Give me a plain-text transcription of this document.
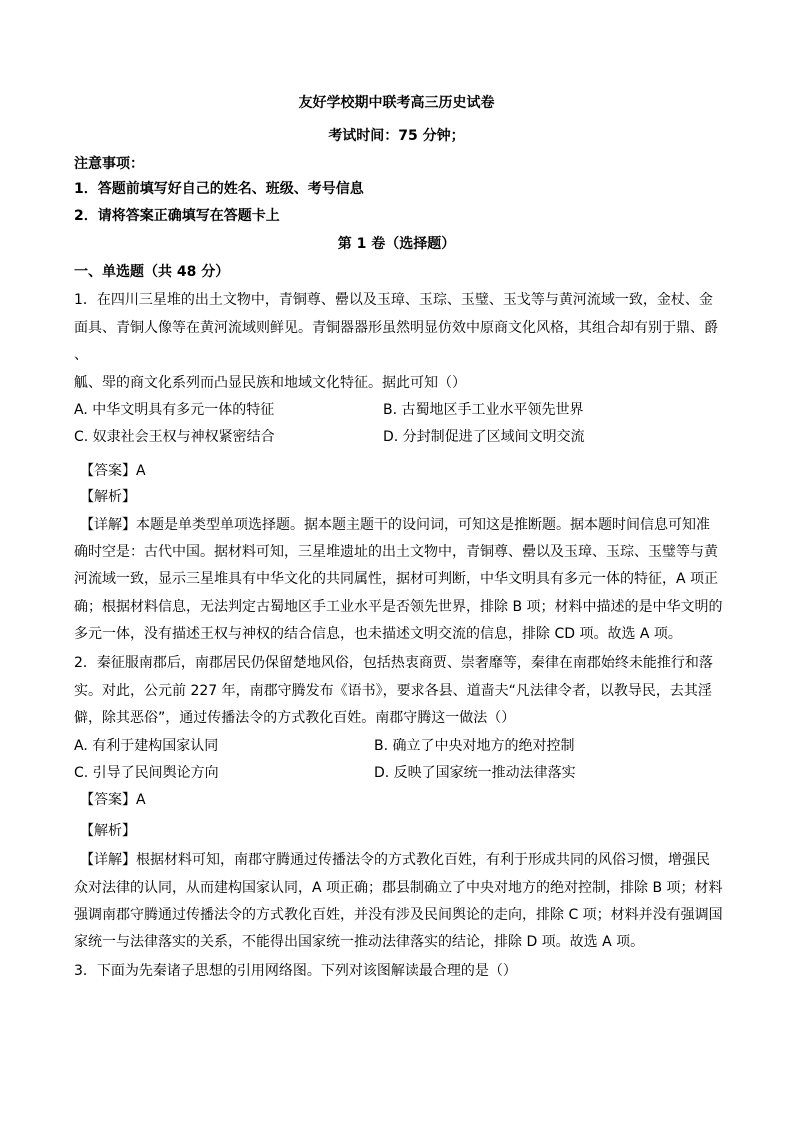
友好学校期中联考高三历史试卷
考试时间：75 分钟；
注意事项：
1．答题前填写好自己的姓名、班级、考号信息
2．请将答案正确填写在答题卡上
第 1 卷（选择题）
一、单选题（共 48 分）
1．在四川三星堆的出土文物中，青铜尊、罍以及玉璋、玉琮、玉璧、玉戈等与黄河流域一致，金杖、金
面具、青铜人像等在黄河流域则鲜见。青铜器器形虽然明显仿效中原商文化风格，其组合却有别于鼎、爵
、
觚、斝的商文化系列而凸显民族和地域文化特征。据此可知（）
A. 中华文明具有多元一体的特征	B. 古蜀地区手工业水平领先世界
C. 奴隶社会王权与神权紧密结合	D. 分封制促进了区域间文明交流
【答案】A
【解析】
【详解】本题是单类型单项选择题。据本题主题干的设问词，可知这是推断题。据本题时间信息可知准
确时空是：古代中国。据材料可知，三星堆遗址的出土文物中，青铜尊、罍以及玉璋、玉琮、玉璧等与黄
河流域一致，显示三星堆具有中华文化的共同属性，据材可判断，中华文明具有多元一体的特征，A 项正
确；根据材料信息，无法判定古蜀地区手工业水平是否领先世界，排除 B 项；材料中描述的是中华文明的
多元一体，没有描述王权与神权的结合信息，也未描述文明交流的信息，排除 CD 项。故选 A 项。
2．秦征服南郡后，南郡居民仍保留楚地风俗，包括热衷商贾、崇奢靡等，秦律在南郡始终未能推行和落
实。对此，公元前 227 年，南郡守腾发布《语书》，要求各县、道啬夫“凡法律令者，以教导民，去其淫
僻，除其恶俗”，通过传播法令的方式教化百姓。南郡守腾这一做法（）
A. 有利于建构国家认同	B. 确立了中央对地方的绝对控制
C. 引导了民间舆论方向	D. 反映了国家统一推动法律落实
【答案】A
【解析】
【详解】根据材料可知，南郡守腾通过传播法令的方式教化百姓，有利于形成共同的风俗习惯，增强民
众对法律的认同，从而建构国家认同，A 项正确；郡县制确立了中央对地方的绝对控制，排除 B 项；材料
强调南郡守腾通过传播法令的方式教化百姓，并没有涉及民间舆论的走向，排除 C 项；材料并没有强调国
家统一与法律落实的关系，不能得出国家统一推动法律落实的结论，排除 D 项。故选 A 项。
3．下面为先秦诸子思想的引用网络图。下列对该图解读最合理的是（）
